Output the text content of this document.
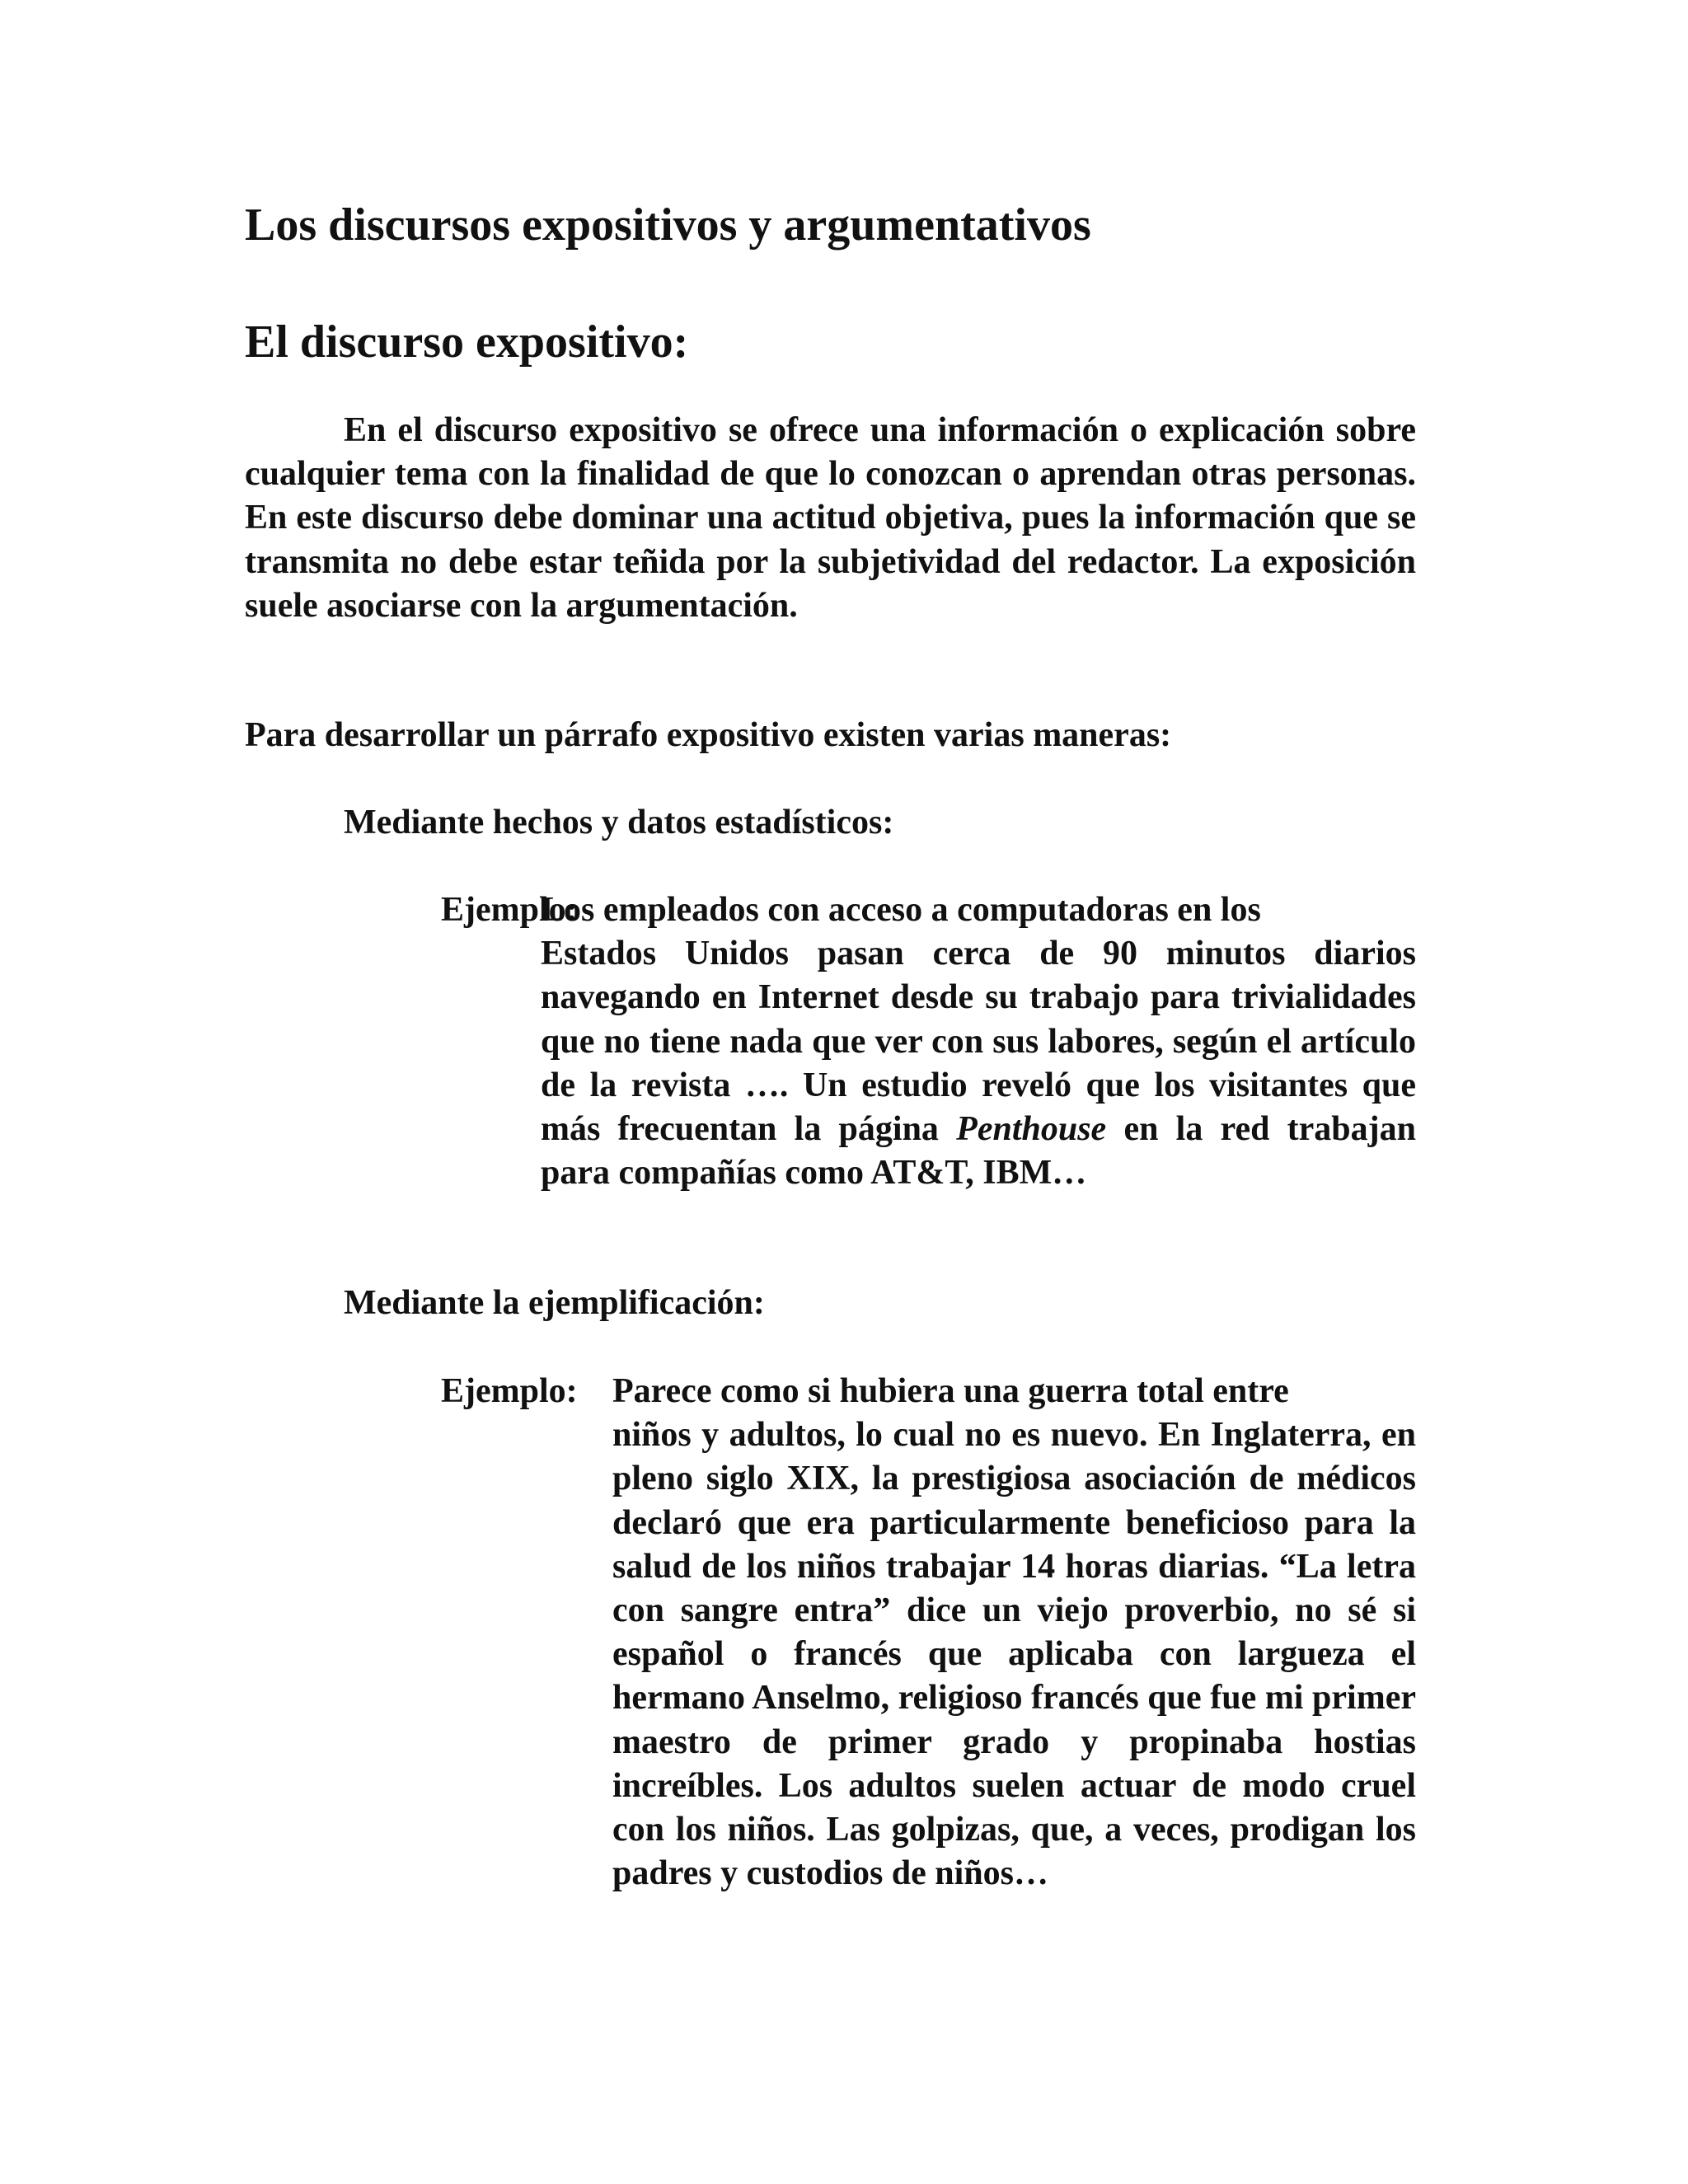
Los discursos expositivos y argumentativos
El discurso expositivo:

En el discurso expositivo se ofrece una información o explicación sobre cualquier tema con la finalidad de que lo conozcan o aprendan otras personas. En este discurso debe dominar una actitud objetiva, pues la información que se transmita no debe estar teñida por la subjetividad del redactor. La exposición suele asociarse con la argumentación.

Para desarrollar un párrafo expositivo existen varias maneras:

Mediante hechos y datos estadísticos:

Ejemplo:
Los empleados con acceso a computadoras en los
Estados Unidos pasan cerca de 90 minutos diarios navegando en Internet desde su trabajo para trivialidades que no tiene nada que ver con sus labores, según el artículo de la revista …. Un estudio reveló que los visitantes que más frecuentan la página Penthouse en la red trabajan para compañías como AT&T, IBM…

Mediante la ejemplificación:

Ejemplo:	Parece como si hubiera una guerra total entre
niños y adultos, lo cual no es nuevo. En Inglaterra, en pleno siglo XIX, la prestigiosa asociación de médicos declaró que era particularmente beneficioso para la salud de los niños trabajar 14 horas diarias. “La letra con sangre entra” dice un viejo proverbio, no sé si español o francés que aplicaba con largueza el hermano Anselmo, religioso francés que fue mi primer maestro de primer grado y propinaba hostias increíbles. Los adultos suelen actuar de modo cruel con los niños. Las golpizas, que, a veces, prodigan los padres y custodios de niños…
